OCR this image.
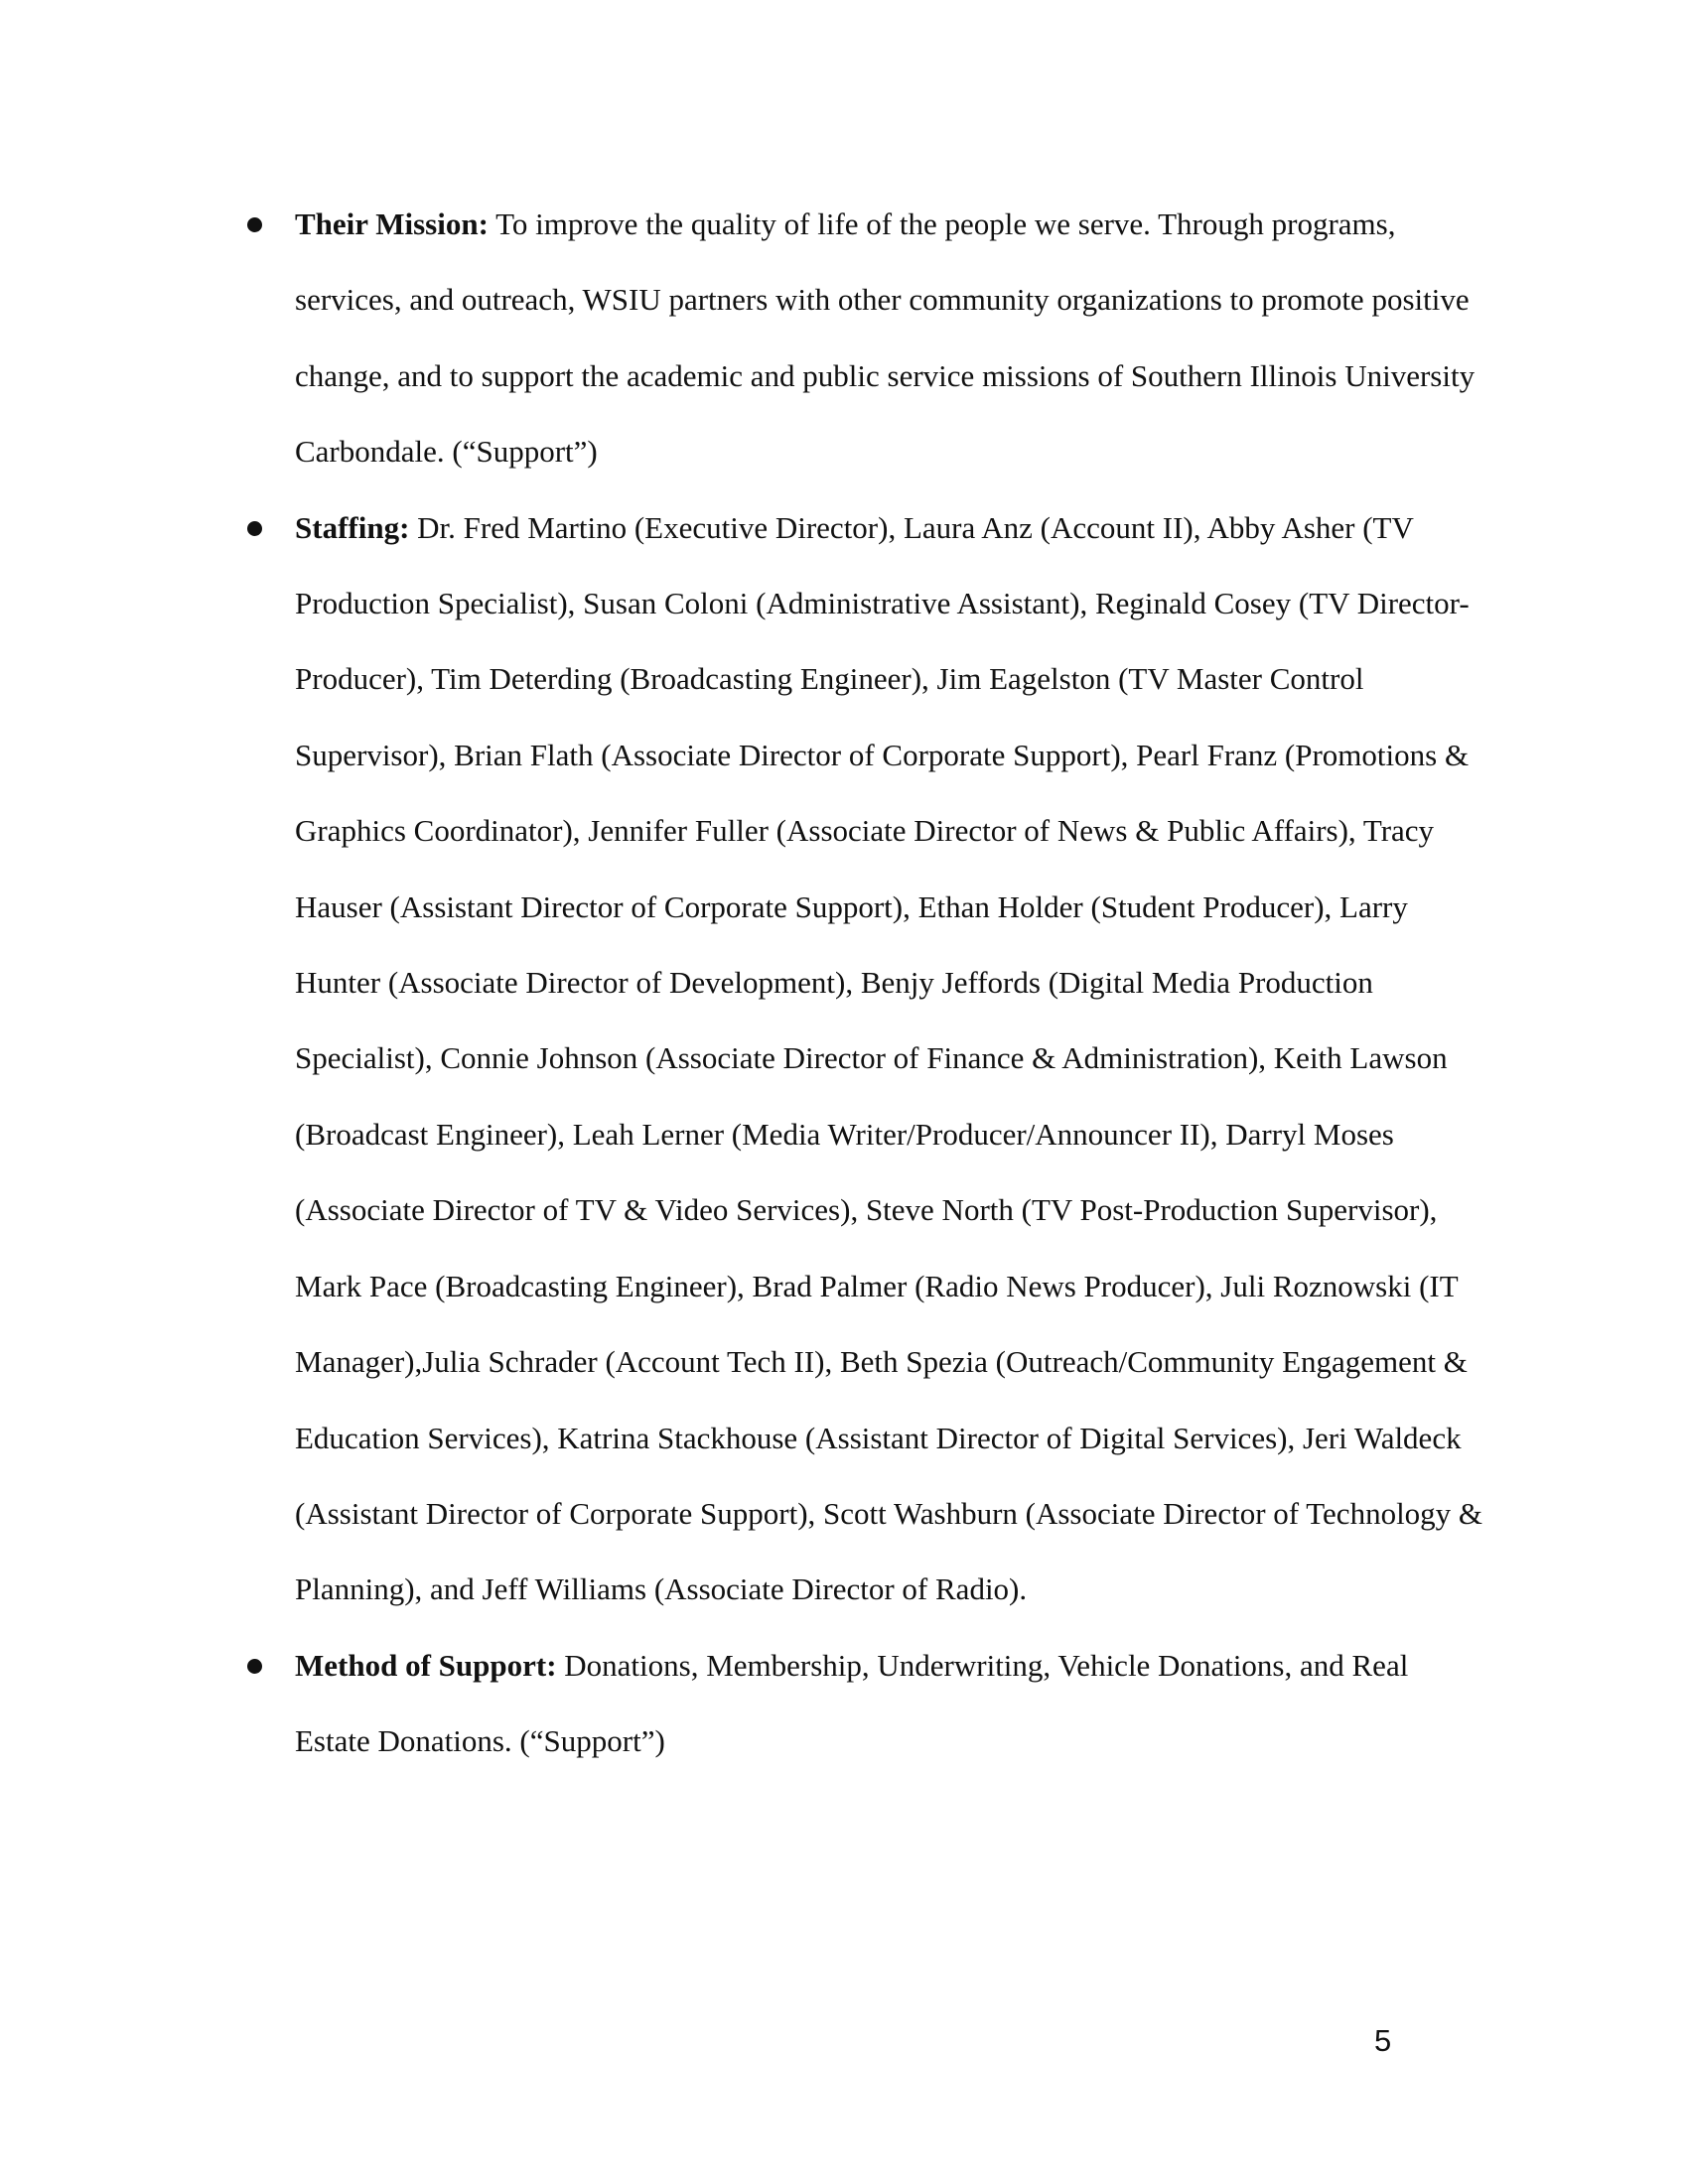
Their Mission: To improve the quality of life of the people we serve. Through programs, services, and outreach, WSIU partners with other community organizations to promote positive change, and to support the academic and public service missions of Southern Illinois University Carbondale. (“Support”)
Staffing: Dr. Fred Martino (Executive Director), Laura Anz (Account II), Abby Asher (TV Production Specialist), Susan Coloni (Administrative Assistant), Reginald Cosey (TV Director-Producer), Tim Deterding (Broadcasting Engineer), Jim Eagelston (TV Master Control Supervisor), Brian Flath (Associate Director of Corporate Support), Pearl Franz (Promotions & Graphics Coordinator), Jennifer Fuller (Associate Director of News & Public Affairs), Tracy Hauser (Assistant Director of Corporate Support), Ethan Holder (Student Producer), Larry Hunter (Associate Director of Development), Benjy Jeffords (Digital Media Production Specialist), Connie Johnson (Associate Director of Finance & Administration), Keith Lawson (Broadcast Engineer), Leah Lerner (Media Writer/Producer/Announcer II), Darryl Moses (Associate Director of TV & Video Services), Steve North (TV Post-Production Supervisor), Mark Pace (Broadcasting Engineer), Brad Palmer (Radio News Producer), Juli Roznowski (IT Manager),Julia Schrader (Account Tech II), Beth Spezia (Outreach/Community Engagement & Education Services), Katrina Stackhouse (Assistant Director of Digital Services), Jeri Waldeck (Assistant Director of Corporate Support), Scott Washburn (Associate Director of Technology & Planning), and Jeff Williams (Associate Director of Radio).
Method of Support: Donations, Membership, Underwriting, Vehicle Donations, and Real Estate Donations. (“Support”)
5
